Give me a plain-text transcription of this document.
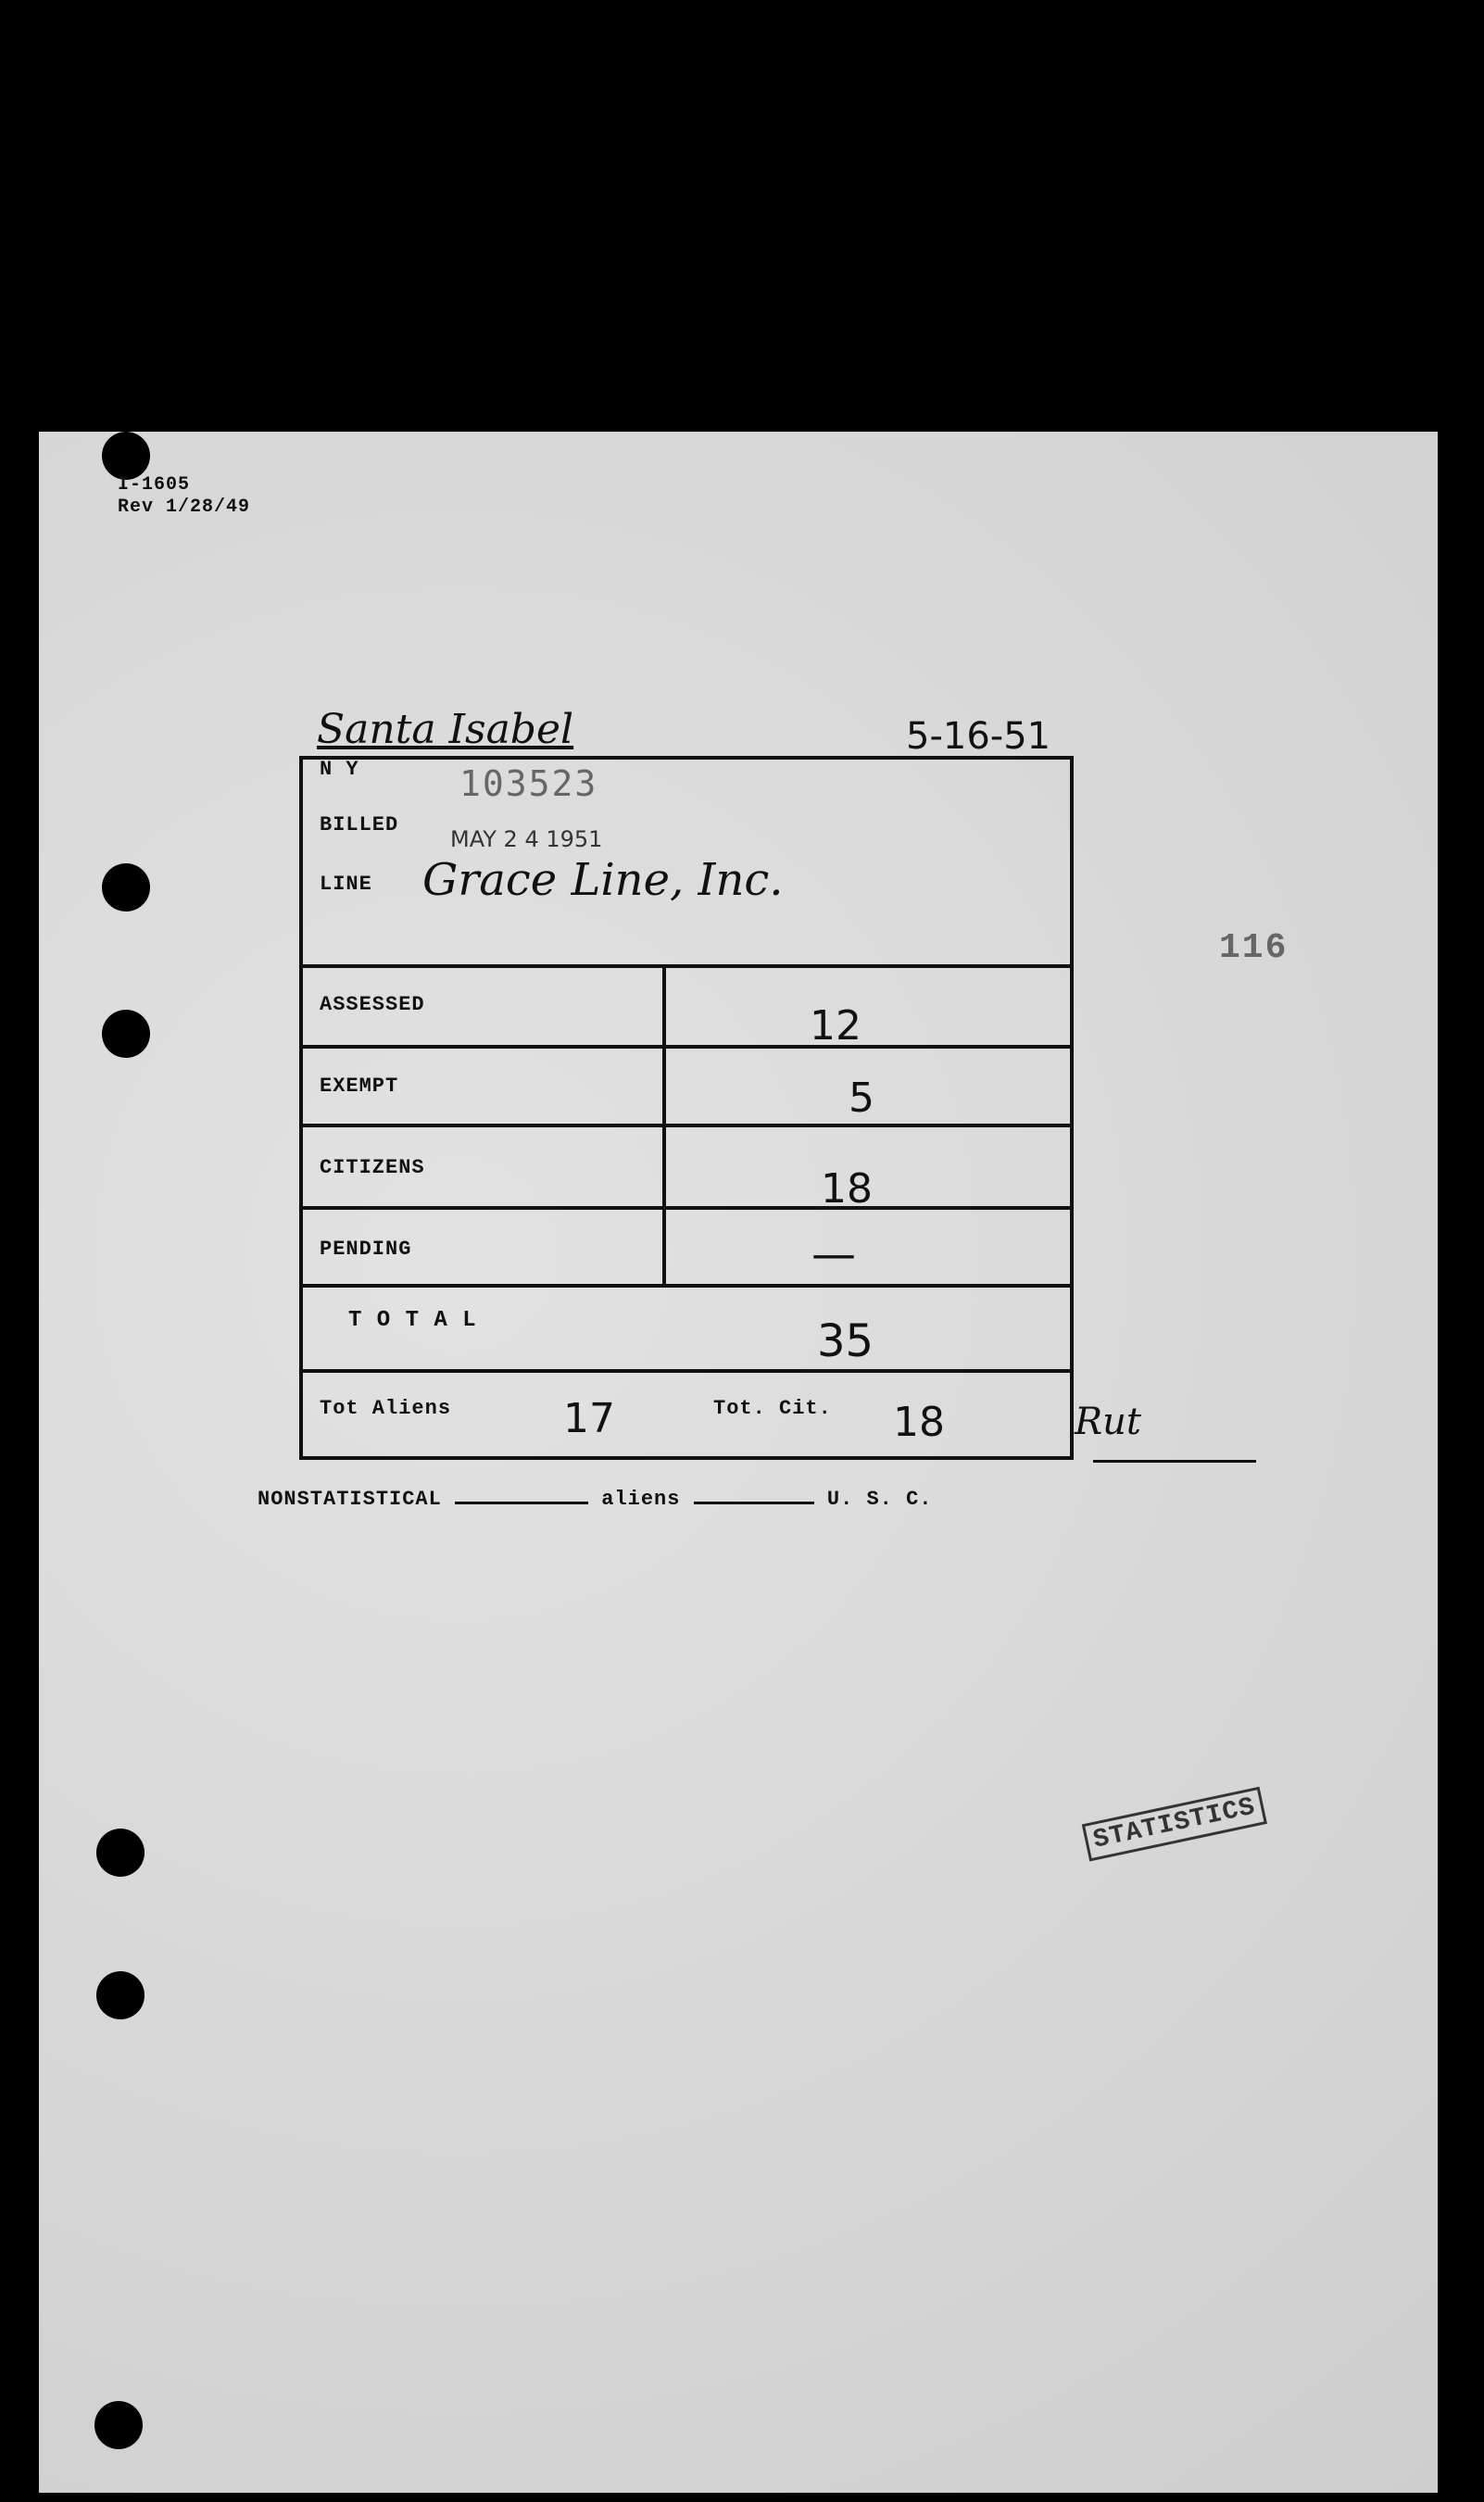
I-1605
Rev 1/28/49
Santa Isabel	5-16-51
116
STATISTICS
N Y	103523
BILLED
MAY 2 4 1951
LINE Grace Line, Inc.
ASSESSED	12
EXEMPT	5
CITIZENS	18
PENDING	—
T O T A L	35
Tot Aliens	17	Tot. Cit. 18	Rut
NONSTATISTICAL	aliens	U. S. C.
